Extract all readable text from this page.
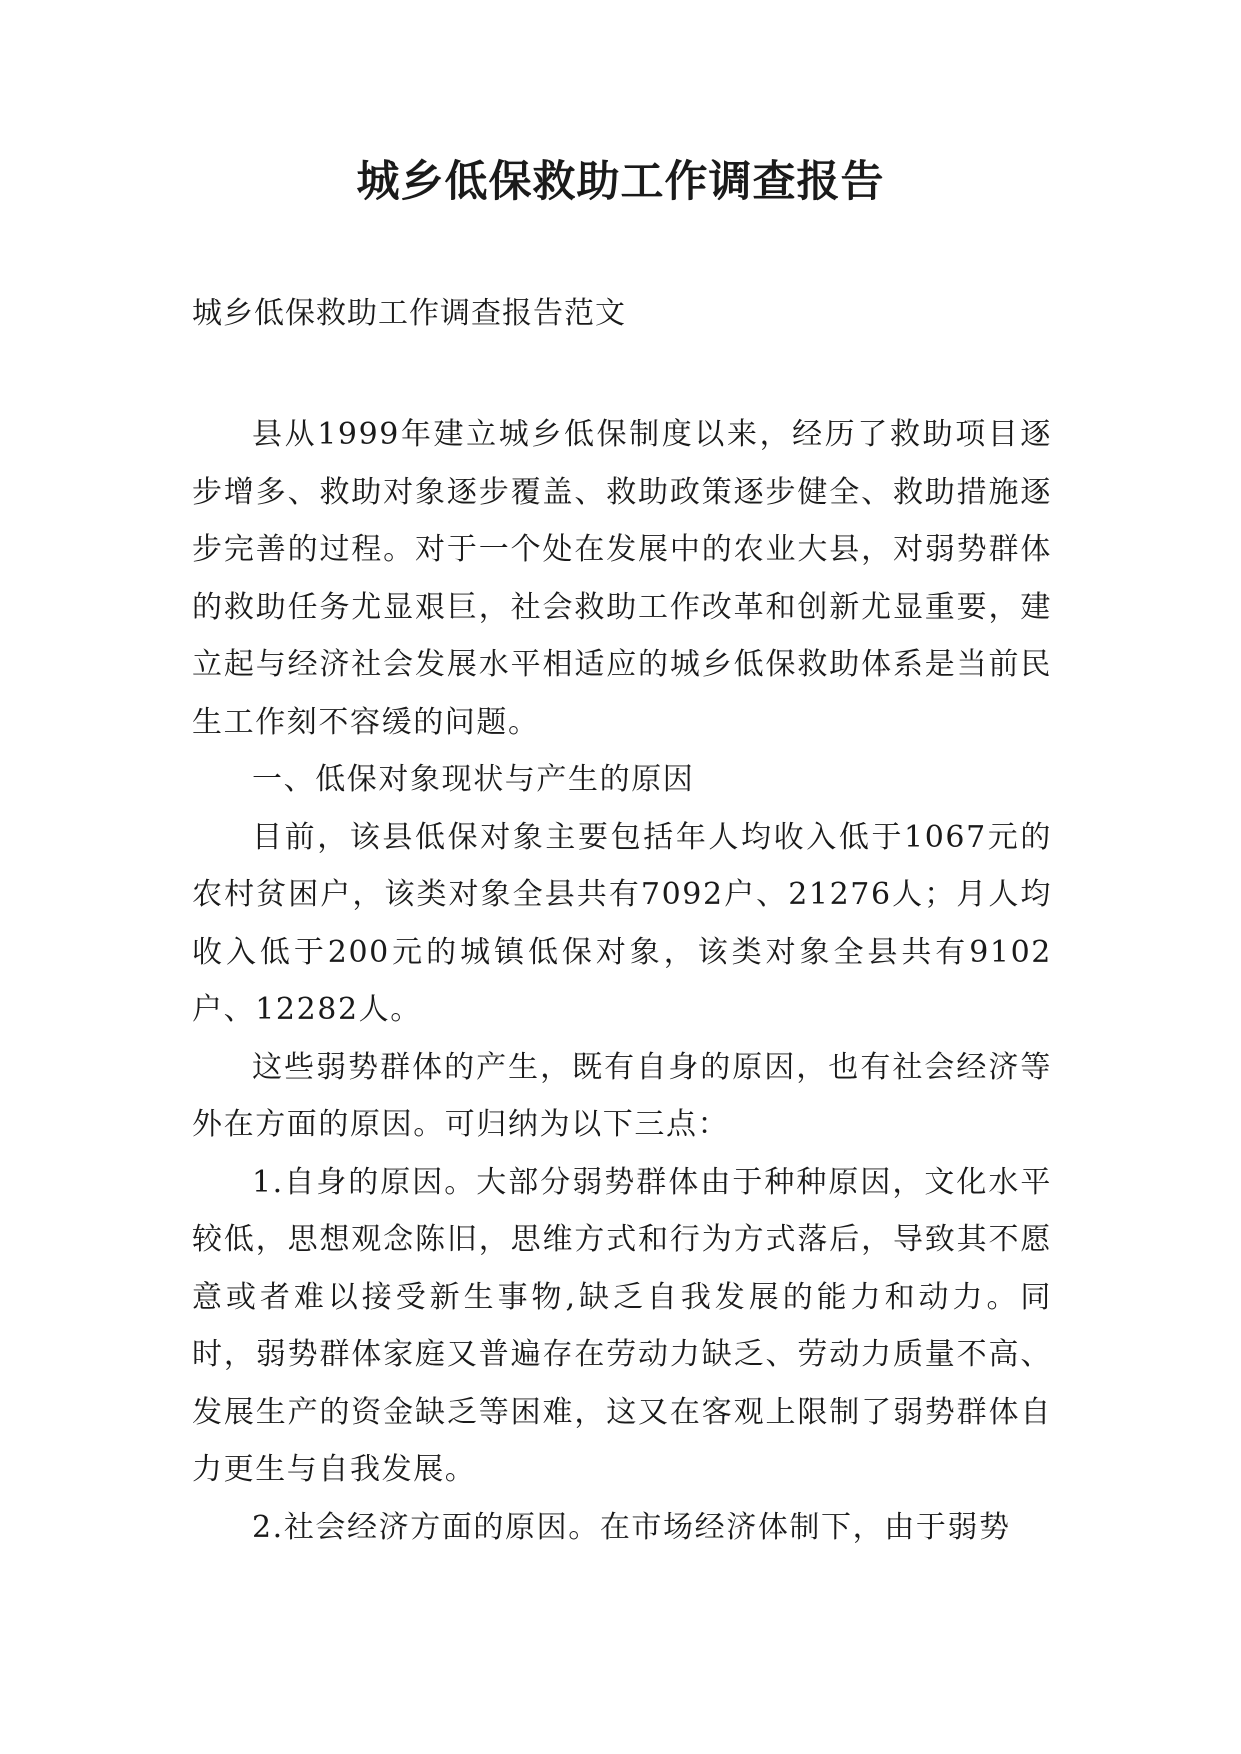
城乡低保救助工作调查报告

城乡低保救助工作调查报告范文

县从1999年建立城乡低保制度以来，经历了救助项目逐步增多、救助对象逐步覆盖、救助政策逐步健全、救助措施逐步完善的过程。对于一个处在发展中的农业大县，对弱势群体的救助任务尤显艰巨，社会救助工作改革和创新尤显重要，建立起与经济社会发展水平相适应的城乡低保救助体系是当前民生工作刻不容缓的问题。

一、低保对象现状与产生的原因

目前，该县低保对象主要包括年人均收入低于1067元的农村贫困户，该类对象全县共有7092户、21276人；月人均收入低于200元的城镇低保对象，该类对象全县共有9102户、12282人。

这些弱势群体的产生，既有自身的原因，也有社会经济等外在方面的原因。可归纳为以下三点：

1.自身的原因。大部分弱势群体由于种种原因，文化水平较低，思想观念陈旧，思维方式和行为方式落后，导致其不愿意或者难以接受新生事物,缺乏自我发展的能力和动力。同时，弱势群体家庭又普遍存在劳动力缺乏、劳动力质量不高、发展生产的资金缺乏等困难，这又在客观上限制了弱势群体自力更生与自我发展。

2.社会经济方面的原因。在市场经济体制下，由于弱势
